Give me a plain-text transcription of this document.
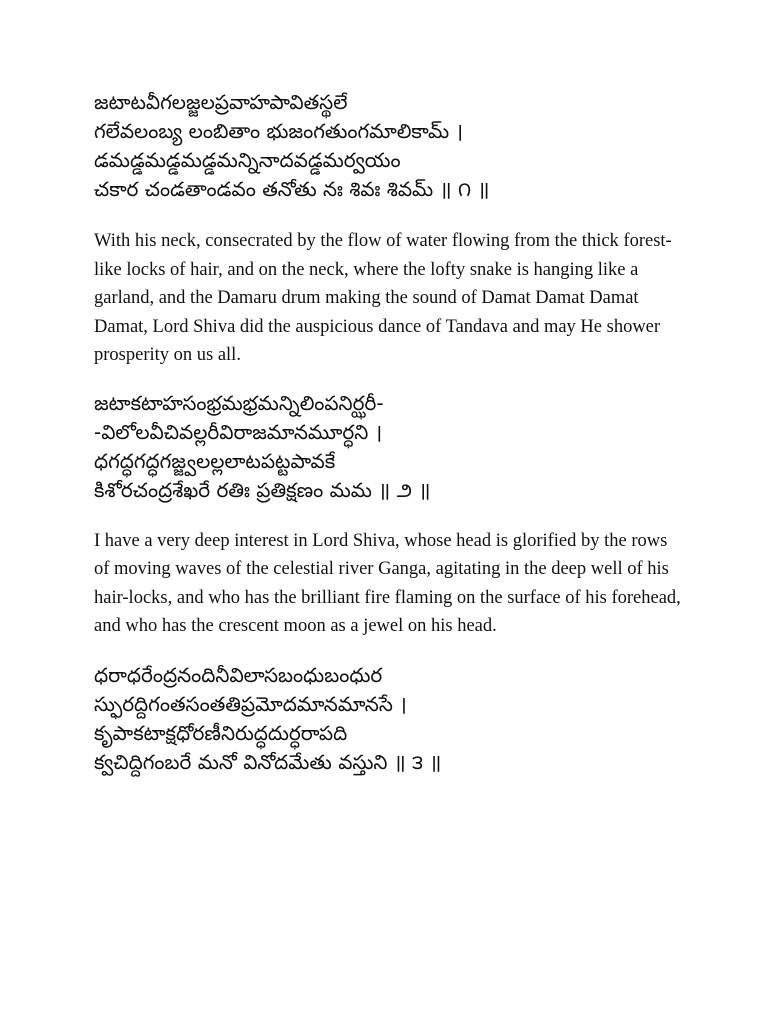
జటాటవీగలజ్జలప్రవాహపావితస్థలే
గలేవలంబ్య లంబితాం భుజంగతుంగమాలికామ్ ।
డమడ్డమడ్డమడ్డమన్నినాదవడ్డమర్వయం
చకార చండతాండవం తనోతు నః శివః శివమ్ ॥ ౧ ॥

With his neck, consecrated by the flow of water flowing from the thick forest-like locks of hair, and on the neck, where the lofty snake is hanging like a garland, and the Damaru drum making the sound of Damat Damat Damat Damat, Lord Shiva did the auspicious dance of Tandava and may He shower prosperity on us all.

జటాకటాహసంభ్రమభ్రమన్నిలింపనిర్ఝరీ-
-విలోలవీచివల్లరీవిరాజమానమూర్ధని ।
ధగద్ధగద్ధగజ్జ్వలల్లలాటపట్టపావకే
కిశోరచంద్రశేఖరే రతిః ప్రతిక్షణం మమ ॥ ౨ ॥

I have a very deep interest in Lord Shiva, whose head is glorified by the rows of moving waves of the celestial river Ganga, agitating in the deep well of his hair-locks, and who has the brilliant fire flaming on the surface of his forehead, and who has the crescent moon as a jewel on his head.

ధరాధరేంద్రనందినీవిలాసబంధుబంధుర
స్ఫురద్దిగంతసంతతిప్రమోదమానమానసే ।
కృపాకటాక్షధోరణీనిరుద్ధదుర్ధరాపది
క్వచిద్దిగంబరే మనో వినోదమేతు వస్తుని ॥ ౩ ॥
